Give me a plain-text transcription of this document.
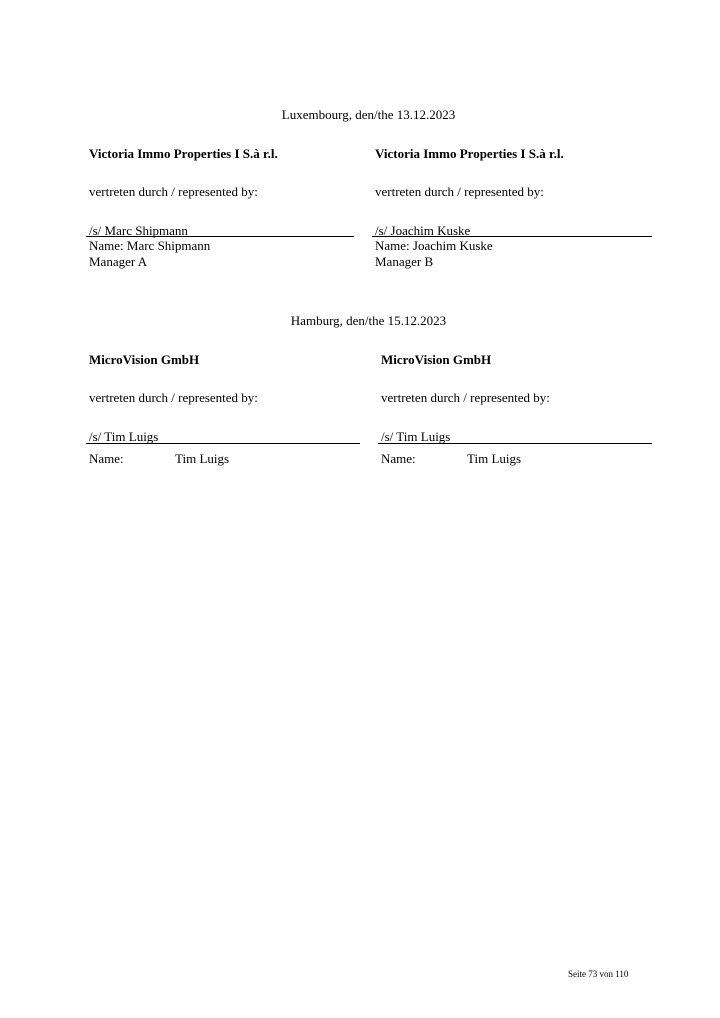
Luxembourg, den/the 13.12.2023
Victoria Immo Properties I S.à r.l.	Victoria Immo Properties I S.à r.l.
vertreten durch / represented by:	vertreten durch / represented by:
/s/ Marc Shipmann	/s/ Joachim Kuske
Name: Marc Shipmann	Name: Joachim Kuske
Manager A	Manager B
Hamburg, den/the 15.12.2023
MicroVision GmbH	MicroVision GmbH
vertreten durch / represented by:	vertreten durch / represented by:
/s/ Tim Luigs	/s/ Tim Luigs
Name:	Tim Luigs	Name:	Tim Luigs
Seite 73 von 110
